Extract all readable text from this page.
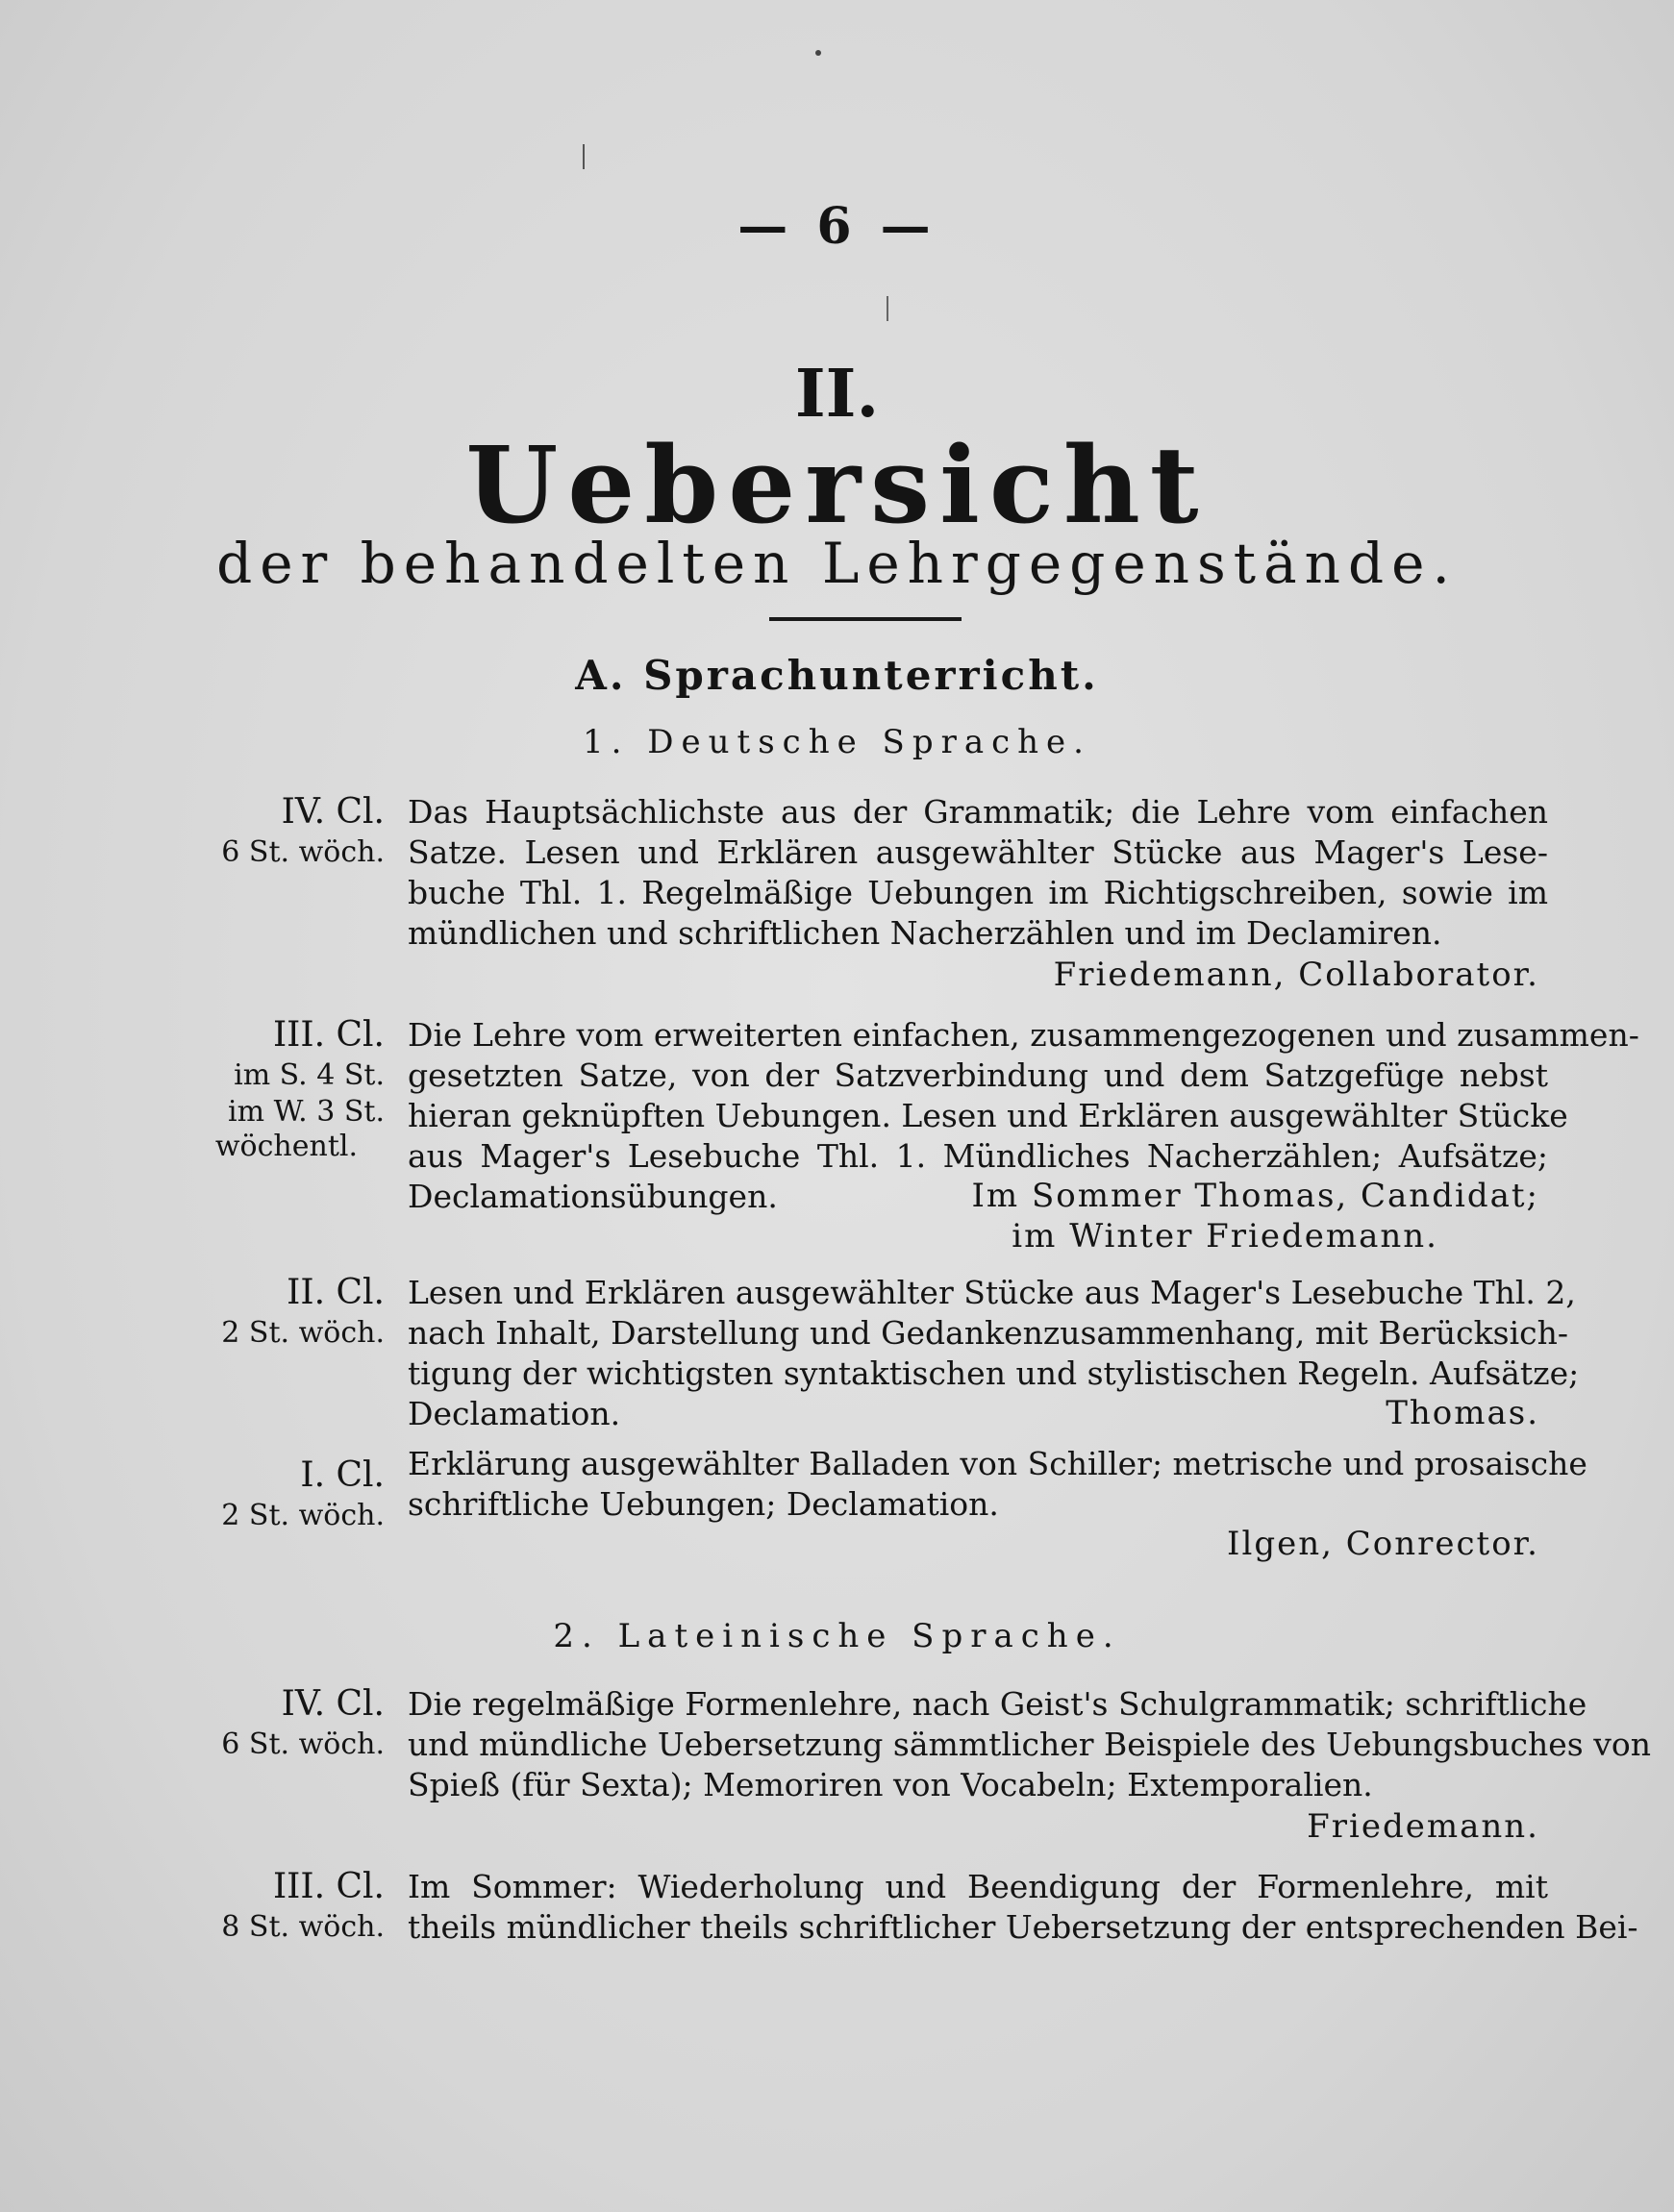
— 6 —
II.
Uebersicht
der behandelten Lehrgegenstände.
A. Sprachunterricht.
1. Deutsche Sprache.
IV. Cl.
6 St. wöch.
Das Hauptsächlichste aus der Grammatik; die Lehre vom einfachen
Satze. Lesen und Erklären ausgewählter Stücke aus Mager's Lese-
buche Thl. 1. Regelmäßige Uebungen im Richtigschreiben, sowie im
mündlichen und schriftlichen Nacherzählen und im Declamiren.
Friedemann, Collaborator.
III. Cl.
im S. 4 St.
im W. 3 St.
wöchentl.
Die Lehre vom erweiterten einfachen, zusammengezogenen und zusammen-
gesetzten Satze, von der Satzverbindung und dem Satzgefüge nebst
hieran geknüpften Uebungen. Lesen und Erklären ausgewählter Stücke
aus Mager's Lesebuche Thl. 1. Mündliches Nacherzählen; Aufsätze;
Declamationsübungen.	Im Sommer Thomas, Candidat;
im Winter Friedemann.
II. Cl.
2 St. wöch.
Lesen und Erklären ausgewählter Stücke aus Mager's Lesebuche Thl. 2,
nach Inhalt, Darstellung und Gedankenzusammenhang, mit Berücksich-
tigung der wichtigsten syntaktischen und stylistischen Regeln. Aufsätze;
Declamation.	Thomas.
I. Cl.
2 St. wöch.
Erklärung ausgewählter Balladen von Schiller; metrische und prosaische
schriftliche Uebungen; Declamation.
Ilgen, Conrector.
2. Lateinische Sprache.
IV. Cl.
6 St. wöch.
Die regelmäßige Formenlehre, nach Geist's Schulgrammatik; schriftliche
und mündliche Uebersetzung sämmtlicher Beispiele des Uebungsbuches von
Spieß (für Sexta); Memoriren von Vocabeln; Extemporalien.
Friedemann.
III. Cl.
8 St. wöch.
Im Sommer: Wiederholung und Beendigung der Formenlehre, mit
theils mündlicher theils schriftlicher Uebersetzung der entsprechenden Bei-
